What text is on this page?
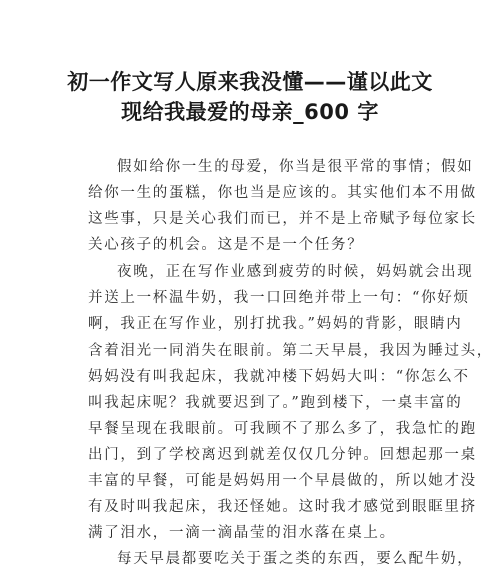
初一作文写人原来我没懂——谨以此文
现给我最爱的母亲_600 字
假如给你一生的母爱，你当是很平常的事情；假如
给你一生的蛋糕，你也当是应该的。其实他们本不用做
这些事，只是关心我们而已，并不是上帝赋予每位家长
关心孩子的机会。这是不是一个任务？
夜晚，正在写作业感到疲劳的时候，妈妈就会出现
并送上一杯温牛奶，我一口回绝并带上一句：“你好烦
啊，我正在写作业，别打扰我。”妈妈的背影，眼睛内
含着泪光一同消失在眼前。第二天早晨，我因为睡过头，
妈妈没有叫我起床，我就冲楼下妈妈大叫：“你怎么不
叫我起床呢？我就要迟到了。”跑到楼下，一桌丰富的
早餐呈现在我眼前。可我顾不了那么多了，我急忙的跑
出门，到了学校离迟到就差仅仅几分钟。回想起那一桌
丰富的早餐，可能是妈妈用一个早晨做的，所以她才没
有及时叫我起床，我还怪她。这时我才感觉到眼眶里挤
满了泪水，一滴一滴晶莹的泪水落在桌上。
每天早晨都要吃关于蛋之类的东西，要么配牛奶，
